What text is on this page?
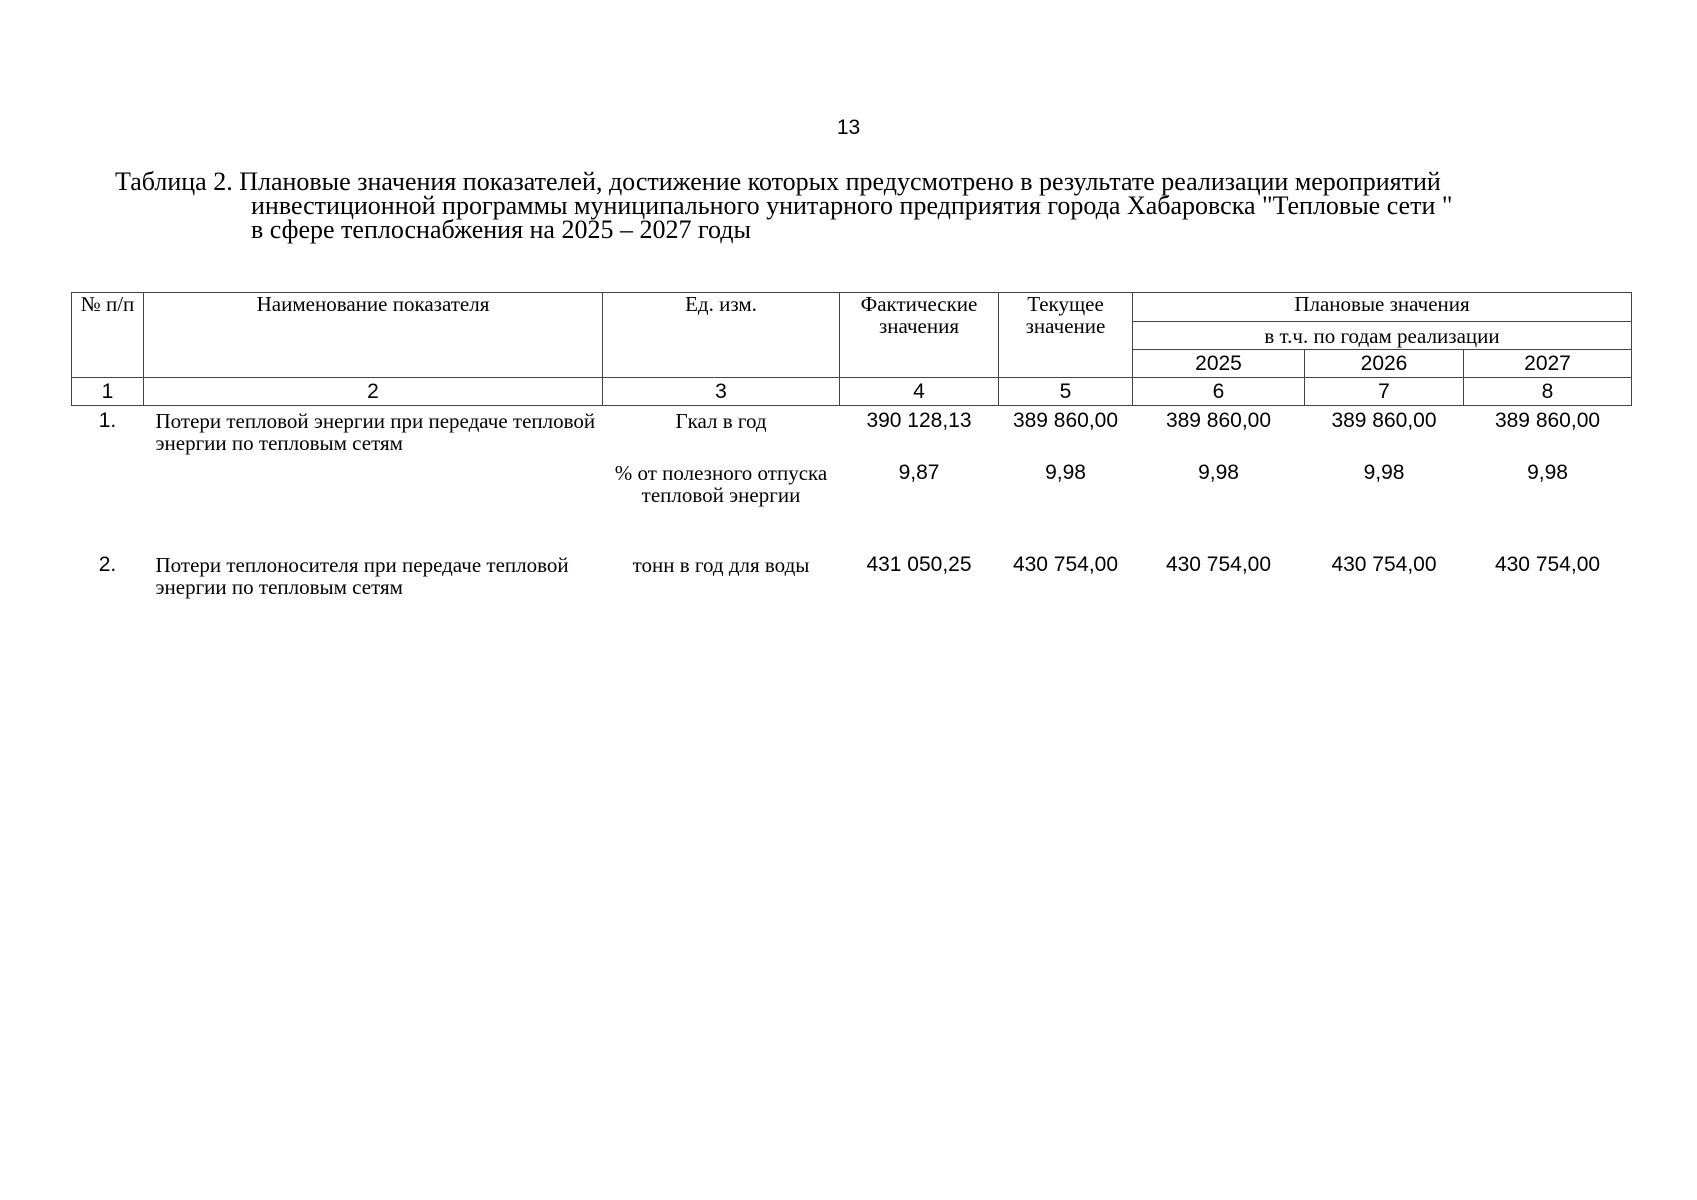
13
Таблица 2. Плановые значения показателей, достижение которых предусмотрено в результате реализации мероприятий
инвестиционной программы муниципального унитарного предприятия города Хабаровска "Тепловые сети "
в сфере теплоснабжения на 2025 – 2027 годы
№ п/п	Наименование показателя	Ед. изм.	Фактические значения	Текущее значение	Плановые значения		
					в т.ч. по годам реализации		
					2025	2026	2027
1	2	3	4	5	6	7	8
1.	Потери тепловой энергии при передаче тепловой энергии по тепловым сетям	Гкал в год	390 128,13	389 860,00	389 860,00	389 860,00	389 860,00
		% от полезного отпуска тепловой энергии	9,87	9,98	9,98	9,98	9,98
2.	Потери теплоносителя при передаче тепловой энергии по тепловым сетям	тонн в год для воды	431 050,25	430 754,00	430 754,00	430 754,00	430 754,00
